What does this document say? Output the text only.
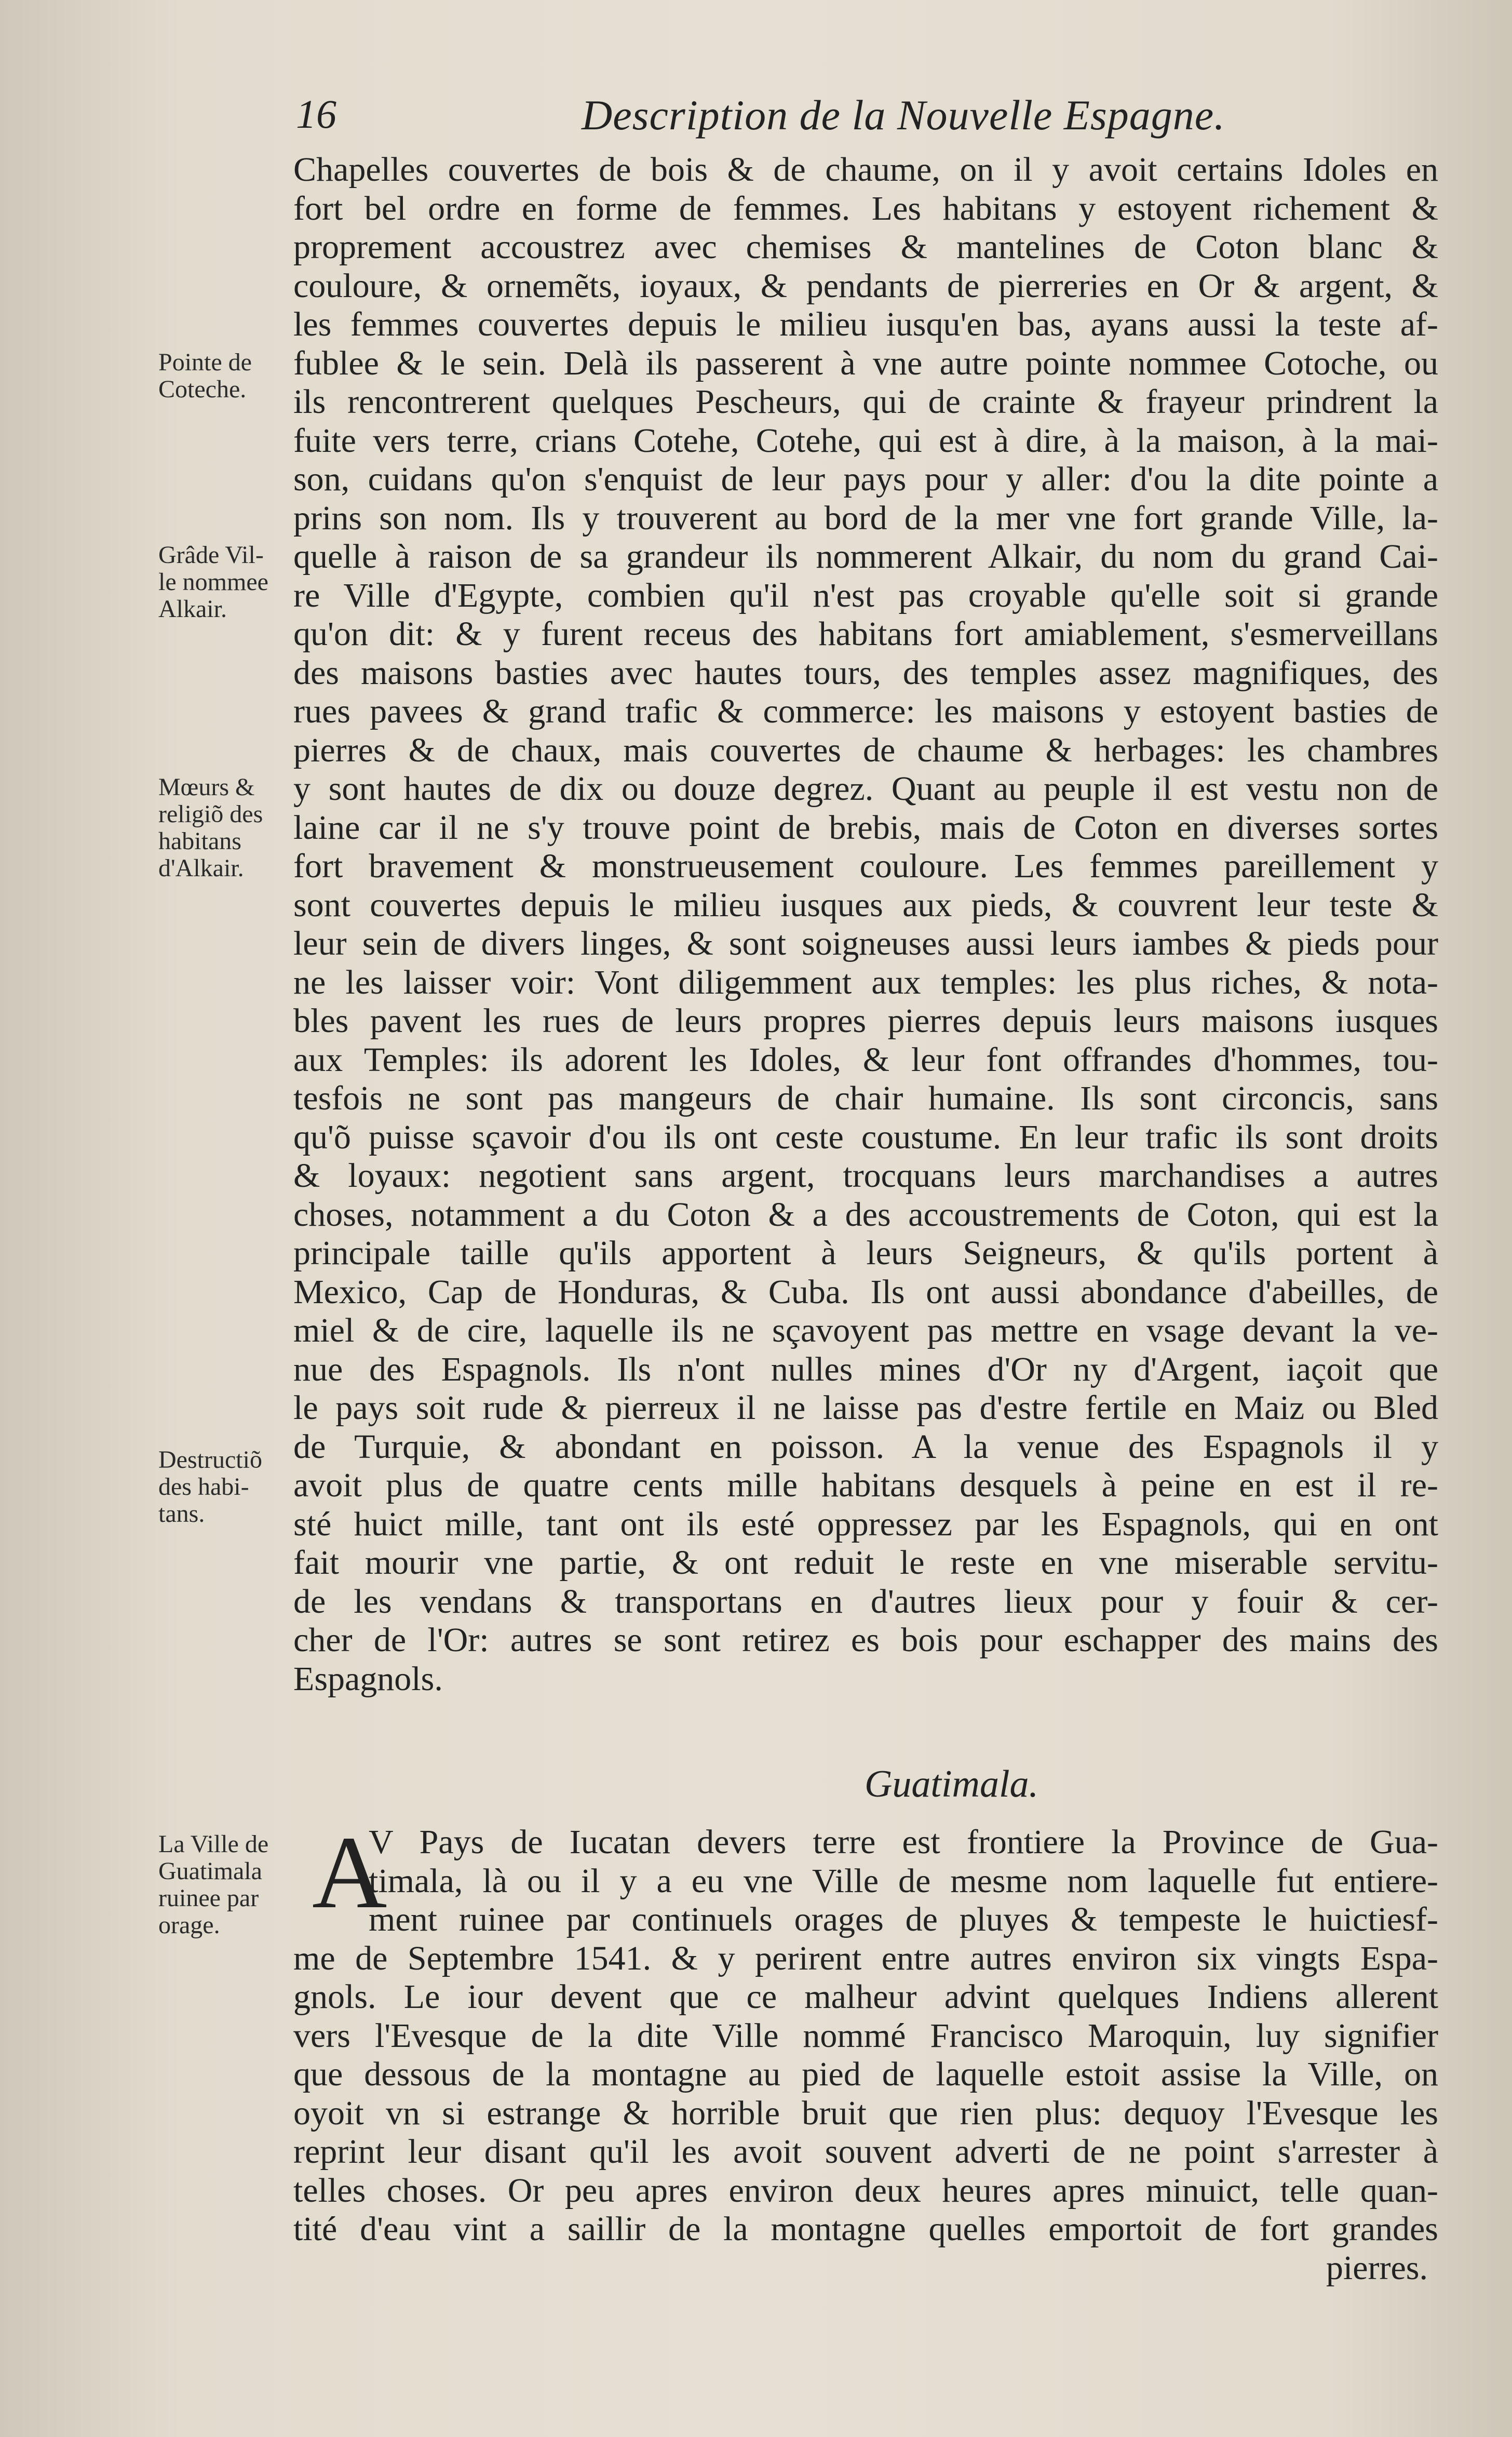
16	Description de la Nouvelle Espagne.
Pointe de
Coteche.
Grâde Vil-
le nommee
Alkair.
Mœurs &
religiõ des
habitans
d'Alkair.
Destructiõ
des habi-
tans.
La Ville de
Guatimala
ruinee par
orage.
Chapelles couvertes de bois & de chaume, on il y avoit certains Idoles en
fort bel ordre en forme de femmes. Les habitans y estoyent richement &
proprement accoustrez avec chemises & mantelines de Coton blanc &
couloure, & ornemẽts, ioyaux, & pendants de pierreries en Or & argent, &
les femmes couvertes depuis le milieu iusqu'en bas, ayans aussi la teste af-
fublee & le sein. Delà ils passerent à vne autre pointe nommee Cotoche, ou
ils rencontrerent quelques Pescheurs, qui de crainte & frayeur prindrent la
fuite vers terre, crians Cotehe, Cotehe, qui est à dire, à la maison, à la mai-
son, cuidans qu'on s'enquist de leur pays pour y aller: d'ou la dite pointe a
prins son nom. Ils y trouverent au bord de la mer vne fort grande Ville, la-
quelle à raison de sa grandeur ils nommerent Alkair, du nom du grand Cai-
re Ville d'Egypte, combien qu'il n'est pas croyable qu'elle soit si grande
qu'on dit: & y furent receus des habitans fort amiablement, s'esmerveillans
des maisons basties avec hautes tours, des temples assez magnifiques, des
rues pavees & grand trafic & commerce: les maisons y estoyent basties de
pierres & de chaux, mais couvertes de chaume & herbages: les chambres
y sont hautes de dix ou douze degrez. Quant au peuple il est vestu non de
laine car il ne s'y trouve point de brebis, mais de Coton en diverses sortes
fort bravement & monstrueusement couloure. Les femmes pareillement y
sont couvertes depuis le milieu iusques aux pieds, & couvrent leur teste &
leur sein de divers linges, & sont soigneuses aussi leurs iambes & pieds pour
ne les laisser voir: Vont diligemment aux temples: les plus riches, & nota-
bles pavent les rues de leurs propres pierres depuis leurs maisons iusques
aux Temples: ils adorent les Idoles, & leur font offrandes d'hommes, tou-
tesfois ne sont pas mangeurs de chair humaine. Ils sont circoncis, sans
qu'õ puisse sçavoir d'ou ils ont ceste coustume. En leur trafic ils sont droits
& loyaux: negotient sans argent, trocquans leurs marchandises a autres
choses, notamment a du Coton & a des accoustrements de Coton, qui est la
principale taille qu'ils apportent à leurs Seigneurs, & qu'ils portent à
Mexico, Cap de Honduras, & Cuba. Ils ont aussi abondance d'abeilles, de
miel & de cire, laquelle ils ne sçavoyent pas mettre en vsage devant la ve-
nue des Espagnols. Ils n'ont nulles mines d'Or ny d'Argent, iaçoit que
le pays soit rude & pierreux il ne laisse pas d'estre fertile en Maiz ou Bled
de Turquie, & abondant en poisson. A la venue des Espagnols il y
avoit plus de quatre cents mille habitans desquels à peine en est il re-
sté huict mille, tant ont ils esté oppressez par les Espagnols, qui en ont
fait mourir vne partie, & ont reduit le reste en vne miserable servitu-
de les vendans & transportans en d'autres lieux pour y fouir & cer-
cher de l'Or: autres se sont retirez es bois pour eschapper des mains des
Espagnols.
Guatimala.
A
V Pays de Iucatan devers terre est frontiere la Province de Gua-
timala, là ou il y a eu vne Ville de mesme nom laquelle fut entiere-
ment ruinee par continuels orages de pluyes & tempeste le huictiesf-
me de Septembre 1541. & y perirent entre autres environ six vingts Espa-
gnols. Le iour devent que ce malheur advint quelques Indiens allerent
vers l'Evesque de la dite Ville nommé Francisco Maroquin, luy signifier
que dessous de la montagne au pied de laquelle estoit assise la Ville, on
oyoit vn si estrange & horrible bruit que rien plus: dequoy l'Evesque les
reprint leur disant qu'il les avoit souvent adverti de ne point s'arrester à
telles choses. Or peu apres environ deux heures apres minuict, telle quan-
tité d'eau vint a saillir de la montagne quelles emportoit de fort grandes
pierres.
